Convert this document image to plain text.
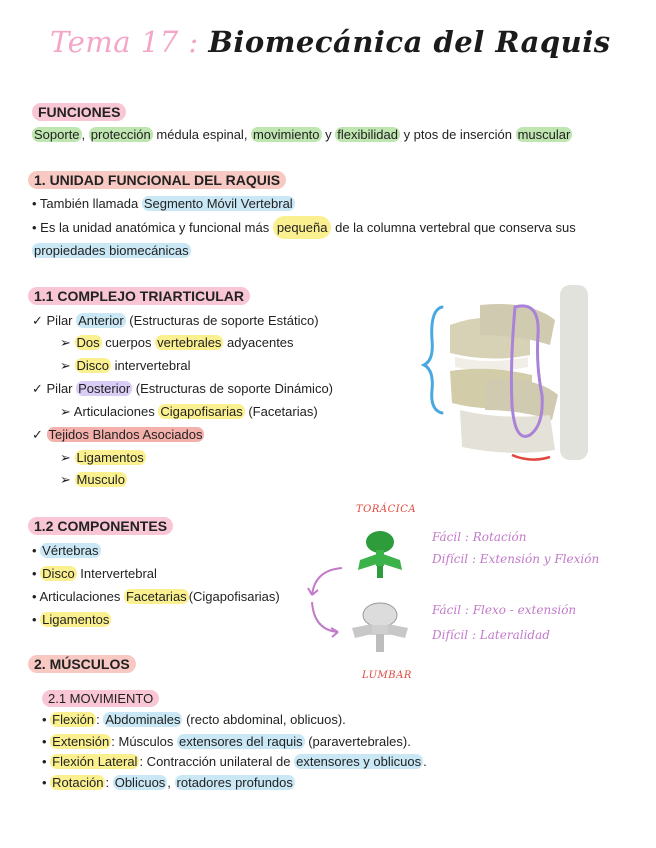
Tema 17 : Biomecánica del Raquis
FUNCIONES
Soporte , protección médula espinal, movimiento y flexibilidad y ptos de inserción muscular
1. UNIDAD FUNCIONAL DEL RAQUIS
• También llamada Segmento Móvil Vertebral
• Es la unidad anatómica y funcional más pequeña de la columna vertebral que conserva sus
propiedades biomecánicas
1.1 COMPLEJO TRIARTICULAR
✓ Pilar Anterior (Estructuras de soporte Estático)
➢ Dos cuerpos vertebrales adyacentes
➢ Disco intervertebral
✓ Pilar Posterior (Estructuras de soporte Dinámico)
➢ Articulaciones Cigapofisarias (Facetarias)
✓ Tejidos Blandos Asociados
➢ Ligamentos
➢ Musculo
1.2 COMPONENTES
• Vértebras
• Disco Intervertebral
• Articulaciones Facetarias (Cigapofisarias)
• Ligamentos
TORÁCICA
LUMBAR
Fácil : Rotación
Difícil : Extensión y Flexión
Fácil : Flexo - extensión
Difícil : Lateralidad
2. MÚSCULOS
2.1 MOVIMIENTO
• Flexión : Abdominales (recto abdominal, oblicuos).
• Extensión : Músculos extensores del raquis (paravertebrales).
• Flexión Lateral : Contracción unilateral de extensores y oblicuos .
• Rotación : Oblicuos , rotadores profundos
